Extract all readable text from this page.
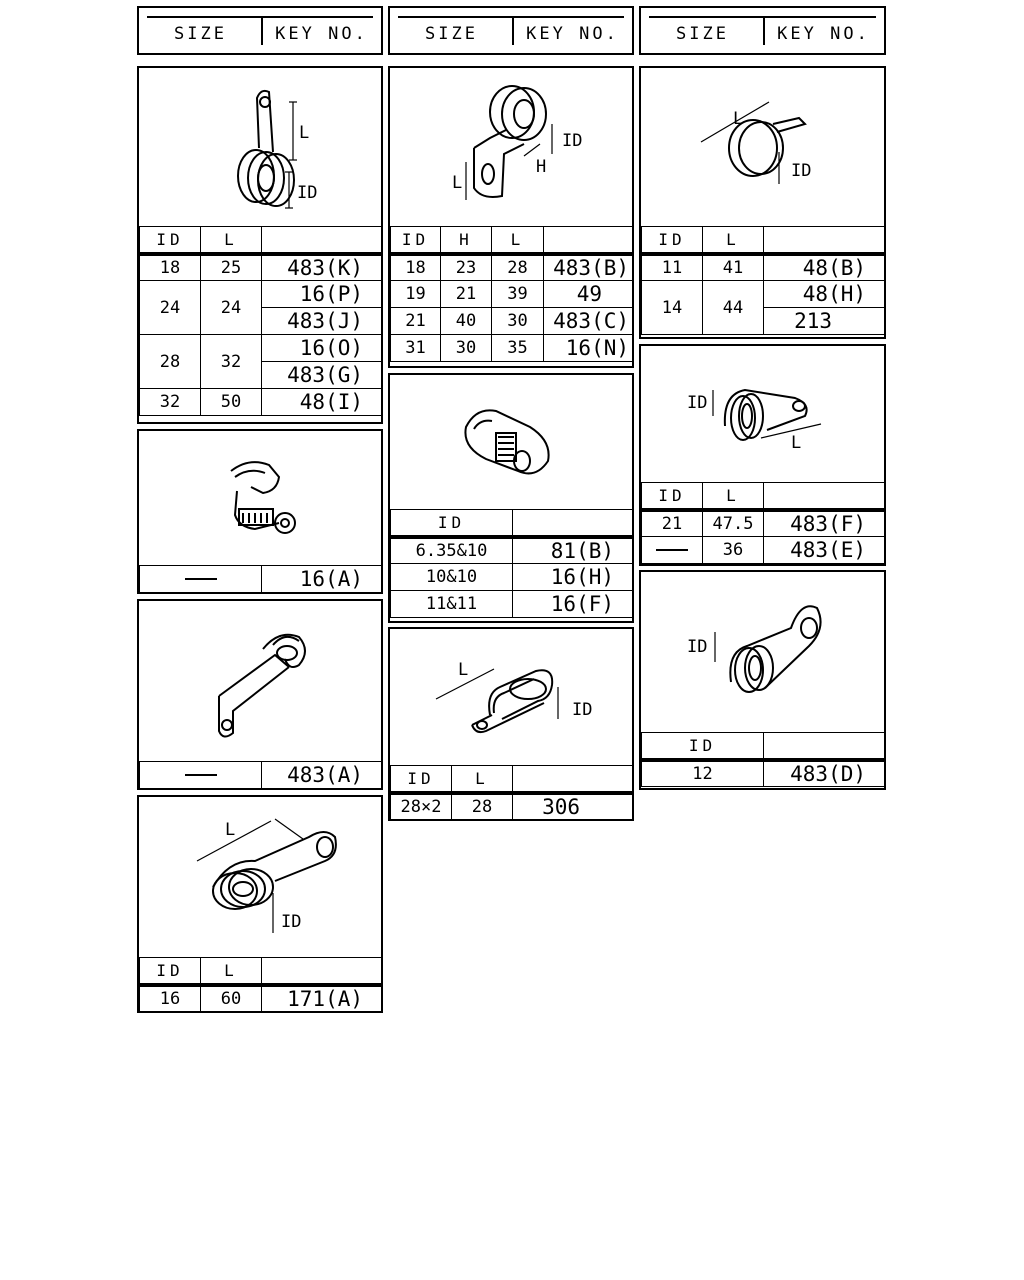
SIZE	KEY NO.	SIZE	KEY NO.	SIZE	KEY NO.
L
ID
ID	L	
18	25	483(K)
24	24	16(P)
		483(J)
28	32	16(O)
		483(G)
32	50	48(I)
	16(A)
	483(A)
L
ID
ID	L	
16	60	171(A)
ID
H
L
ID	H	L	
18	23	28	483(B)
19	21	39	49
21	40	30	483(C)
31	30	35	16(N)
ID	
6.35&10	81(B)
10&10	16(H)
11&11	16(F)
L
ID
ID	L	
28×2	28	306
L
ID
ID	L	
11	41	48(B)
14	44	48(H)
		213
ID
L
ID	L	
21	47.5	483(F)
	36	483(E)
ID
ID	
12	483(D)
